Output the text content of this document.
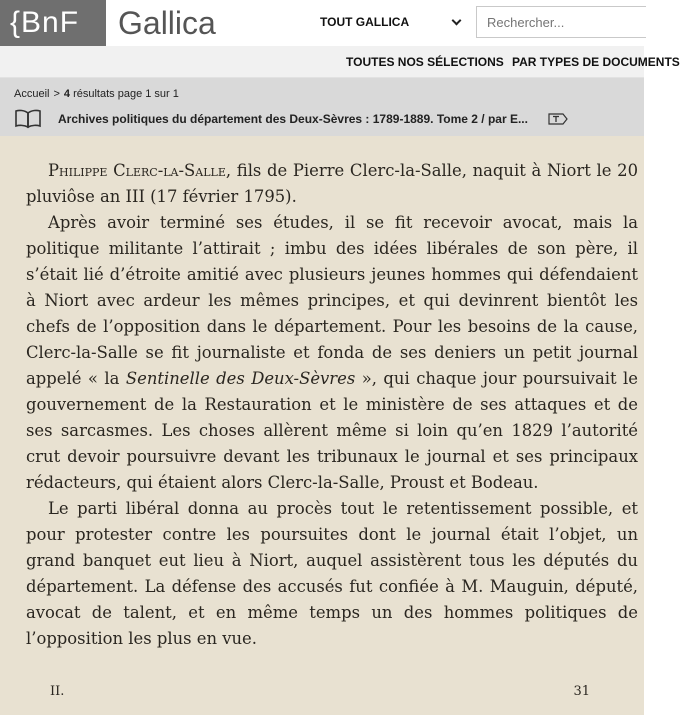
{BnF	Gallica	TOUT GALLICA
Rechercher...
TOUTES NOS SÉLECTIONS PAR TYPES DE DOCUMENTS
Accueil > 4 résultats page 1 sur 1
Archives politiques du département des Deux-Sèvres : 1789-1889. Tome 2 / par E...

Philippe Clerc-la-Salle, fils de Pierre Clerc-la-Salle, naquit à Niort le 20 pluviôse an III (17 février 1795).

Après avoir terminé ses études, il se fit recevoir avocat, mais la politique militante l’attirait ; imbu des idées libérales de son père, il s’était lié d’étroite amitié avec plusieurs jeunes hommes qui défendaient à Niort avec ardeur les mêmes principes, et qui devinrent bientôt les chefs de l’opposition dans le département. Pour les besoins de la cause, Clerc-la-Salle se fit journaliste et fonda de ses deniers un petit journal appelé « la Sentinelle des Deux-Sèvres », qui chaque jour poursuivait le gouvernement de la Restauration et le ministère de ses attaques et de ses sarcasmes. Les choses allèrent même si loin qu’en 1829 l’autorité crut devoir poursuivre devant les tribunaux le journal et ses principaux rédacteurs, qui étaient alors Clerc-la-Salle, Proust et Bodeau.

Le parti libéral donna au procès tout le retentissement possible, et pour protester contre les poursuites dont le journal était l’objet, un grand banquet eut lieu à Niort, auquel assistèrent tous les députés du département. La défense des accusés fut confiée à M. Mauguin, député, avocat de talent, et en même temps un des hommes politiques de l’opposition les plus en vue.

II.	31
